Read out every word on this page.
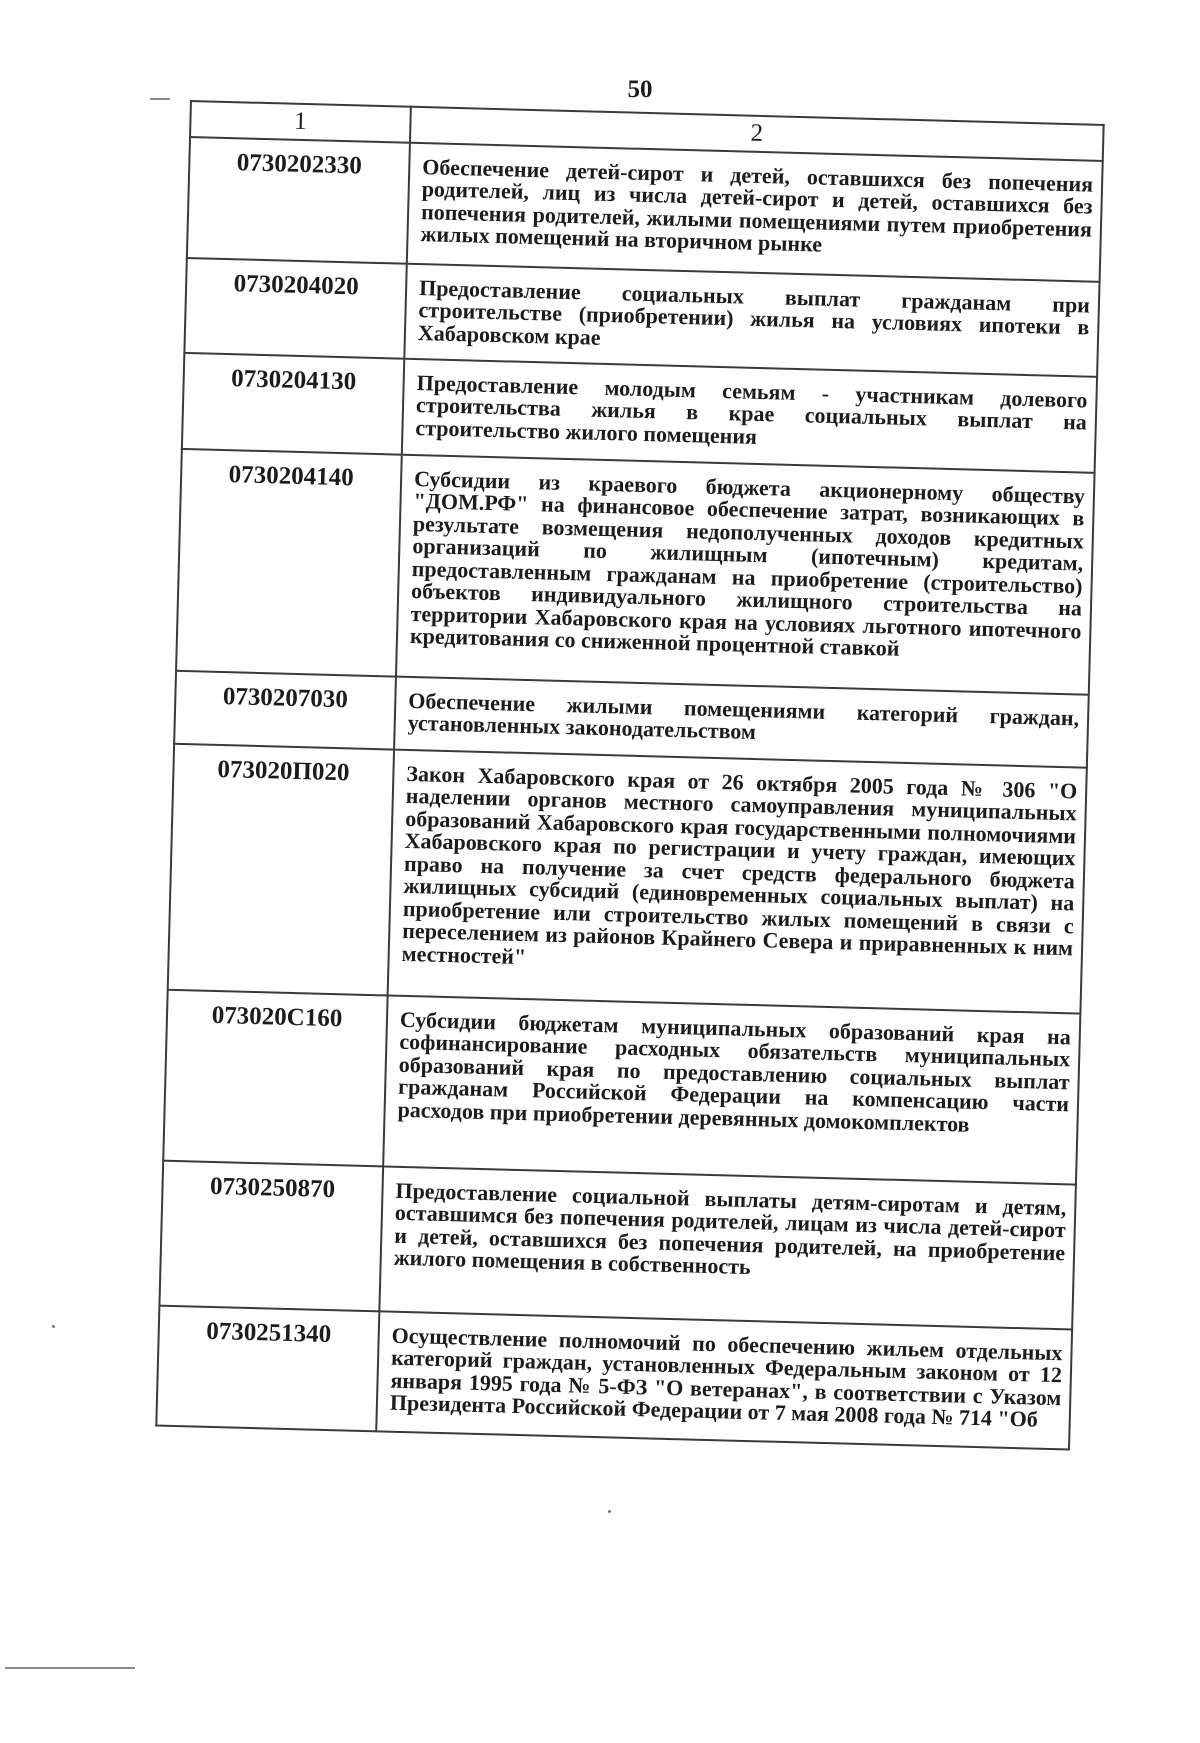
50
1	2
0730202330	Обеспечение детей-сирот и детей, оставшихся без попечения родителей, лиц из числа детей-сирот и детей, оставшихся без попечения родителей, жилыми помещениями путем приобретения жилых помещений на вторичном рынке
0730204020	Предоставление социальных выплат гражданам при строительстве (приобретении) жилья на условиях ипотеки в Хабаровском крае
0730204130	Предоставление молодым семьям - участникам долевого строительства жилья в крае социальных выплат на строительство жилого помещения
0730204140	Субсидии из краевого бюджета акционерному обществу "ДОМ.РФ" на финансовое обеспечение затрат, возникающих в результате возмещения недополученных доходов кредитных организаций по жилищным (ипотечным) кредитам, предоставленным гражданам на приобретение (строительство) объектов индивидуального жилищного строительства на территории Хабаровского края на условиях льготного ипотечного кредитования со сниженной процентной ставкой
0730207030	Обеспечение жилыми помещениями категорий граждан, установленных законодательством
073020П020	Закон Хабаровского края от 26 октября 2005 года № 306 "О наделении органов местного самоуправления муниципальных образований Хабаровского края государственными полномочиями Хабаровского края по регистрации и учету граждан, имеющих право на получение за счет средств федерального бюджета жилищных субсидий (единовременных социальных выплат) на приобретение или строительство жилых помещений в связи с переселением из районов Крайнего Севера и приравненных к ним местностей"
073020С160	Субсидии бюджетам муниципальных образований края на софинансирование расходных обязательств муниципальных образований края по предоставлению социальных выплат гражданам Российской Федерации на компенсацию части расходов при приобретении деревянных домокомплектов
0730250870	Предоставление социальной выплаты детям-сиротам и детям, оставшимся без попечения родителей, лицам из числа детей-сирот и детей, оставшихся без попечения родителей, на приобретение жилого помещения в собственность
0730251340	Осуществление полномочий по обеспечению жильем отдельных категорий граждан, установленных Федеральным законом от 12 января 1995 года № 5-ФЗ "О ветеранах", в соответствии с Указом Президента Российской Федерации от 7 мая 2008 года № 714 "Об
